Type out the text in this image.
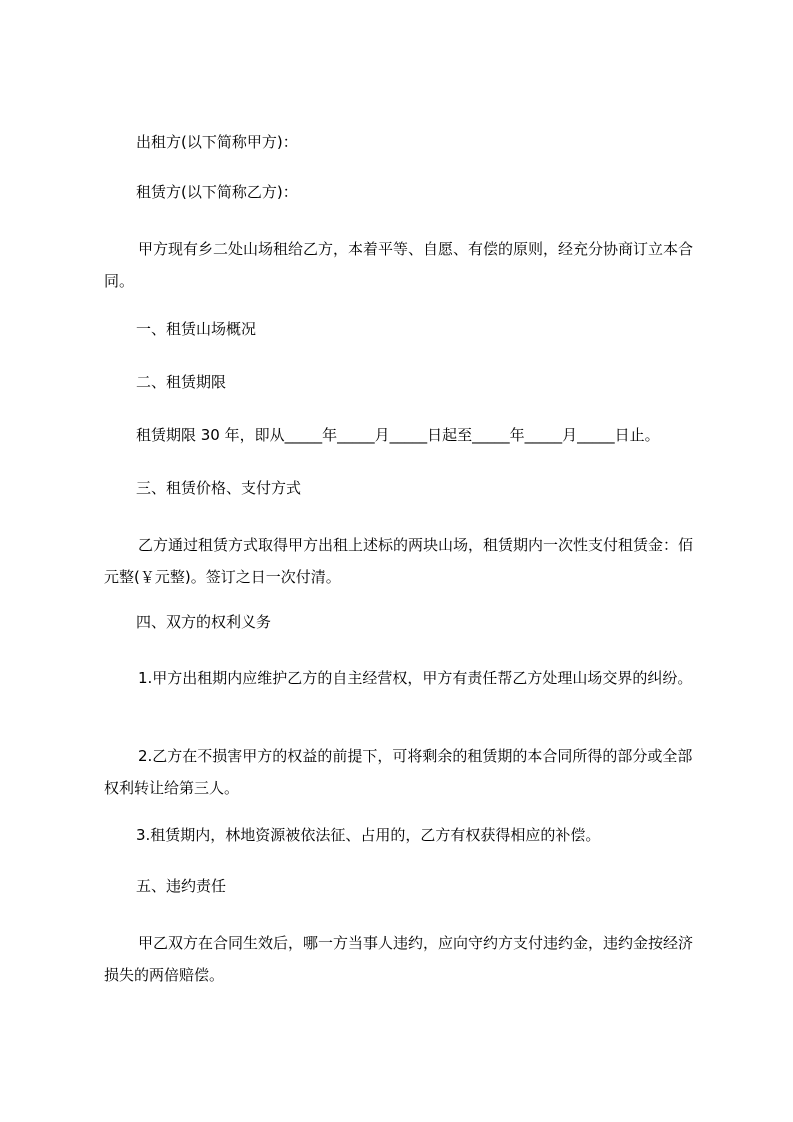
出租方(以下简称甲方)：

租赁方(以下简称乙方)：

甲方现有乡二处山场租给乙方，本着平等、自愿、有偿的原则，经充分协商订立本合同。

一、租赁山场概况

二、租赁期限

租赁期限 30 年，即从_____年_____月_____日起至_____年_____月_____日止。

三、租赁价格、支付方式

乙方通过租赁方式取得甲方出租上述标的两块山场，租赁期内一次性支付租赁金：佰元整(￥元整)。签订之日一次付清。

四、双方的权利义务

1.甲方出租期内应维护乙方的自主经营权，甲方有责任帮乙方处理山场交界的纠纷。

2.乙方在不损害甲方的权益的前提下，可将剩余的租赁期的本合同所得的部分或全部权利转让给第三人。

3.租赁期内，林地资源被依法征、占用的，乙方有权获得相应的补偿。

五、违约责任

甲乙双方在合同生效后，哪一方当事人违约，应向守约方支付违约金，违约金按经济损失的两倍赔偿。
